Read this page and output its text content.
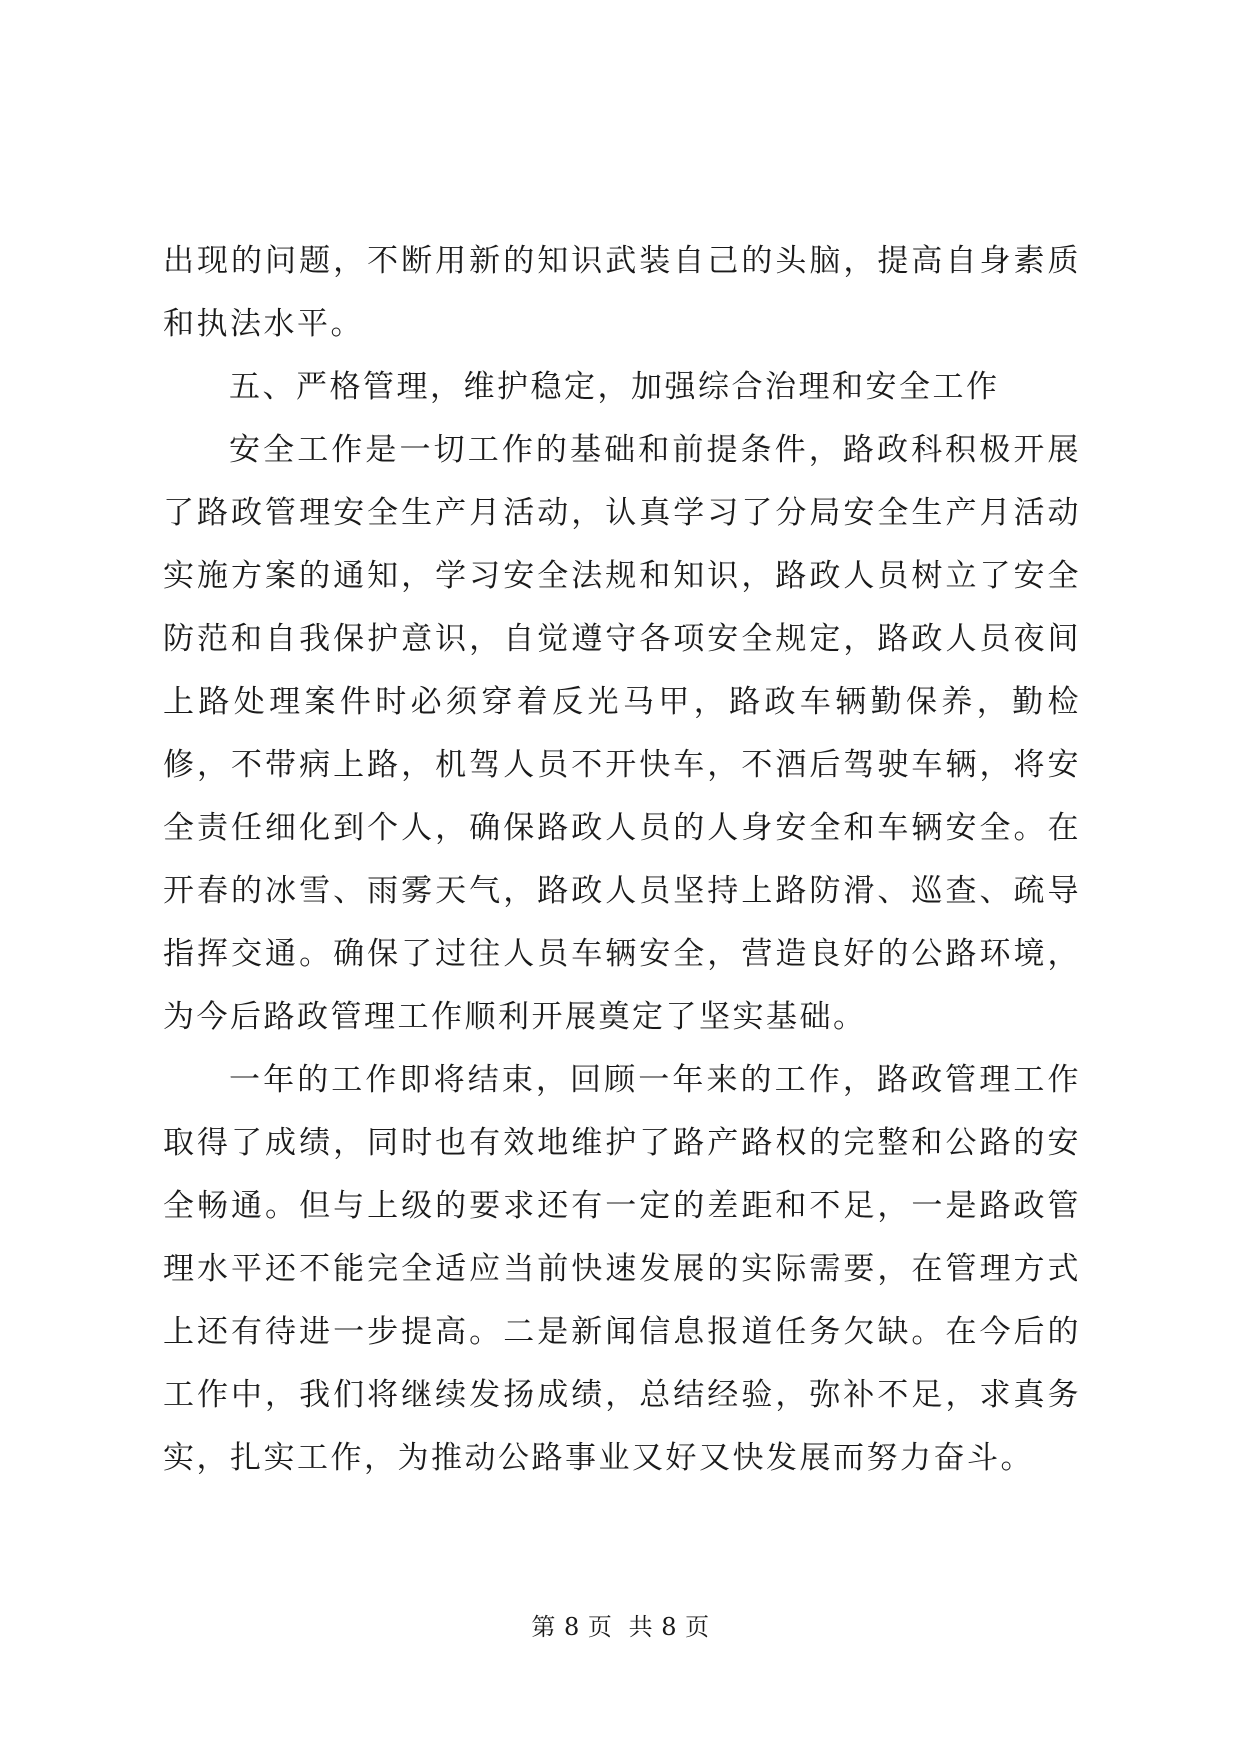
出现的问题，不断用新的知识武装自己的头脑，提高自身素质和执法水平。

五、严格管理，维护稳定，加强综合治理和安全工作

安全工作是一切工作的基础和前提条件，路政科积极开展了路政管理安全生产月活动，认真学习了分局安全生产月活动实施方案的通知，学习安全法规和知识，路政人员树立了安全防范和自我保护意识，自觉遵守各项安全规定，路政人员夜间上路处理案件时必须穿着反光马甲，路政车辆勤保养，勤检修，不带病上路，机驾人员不开快车，不酒后驾驶车辆，将安全责任细化到个人，确保路政人员的人身安全和车辆安全。在开春的冰雪、雨雾天气，路政人员坚持上路防滑、巡查、疏导指挥交通。确保了过往人员车辆安全，营造良好的公路环境，为今后路政管理工作顺利开展奠定了坚实基础。

一年的工作即将结束，回顾一年来的工作，路政管理工作取得了成绩，同时也有效地维护了路产路权的完整和公路的安全畅通。但与上级的要求还有一定的差距和不足，一是路政管理水平还不能完全适应当前快速发展的实际需要，在管理方式上还有待进一步提高。二是新闻信息报道任务欠缺。在今后的工作中，我们将继续发扬成绩，总结经验，弥补不足，求真务实，扎实工作，为推动公路事业又好又快发展而努力奋斗。

第 8 页 共 8 页
